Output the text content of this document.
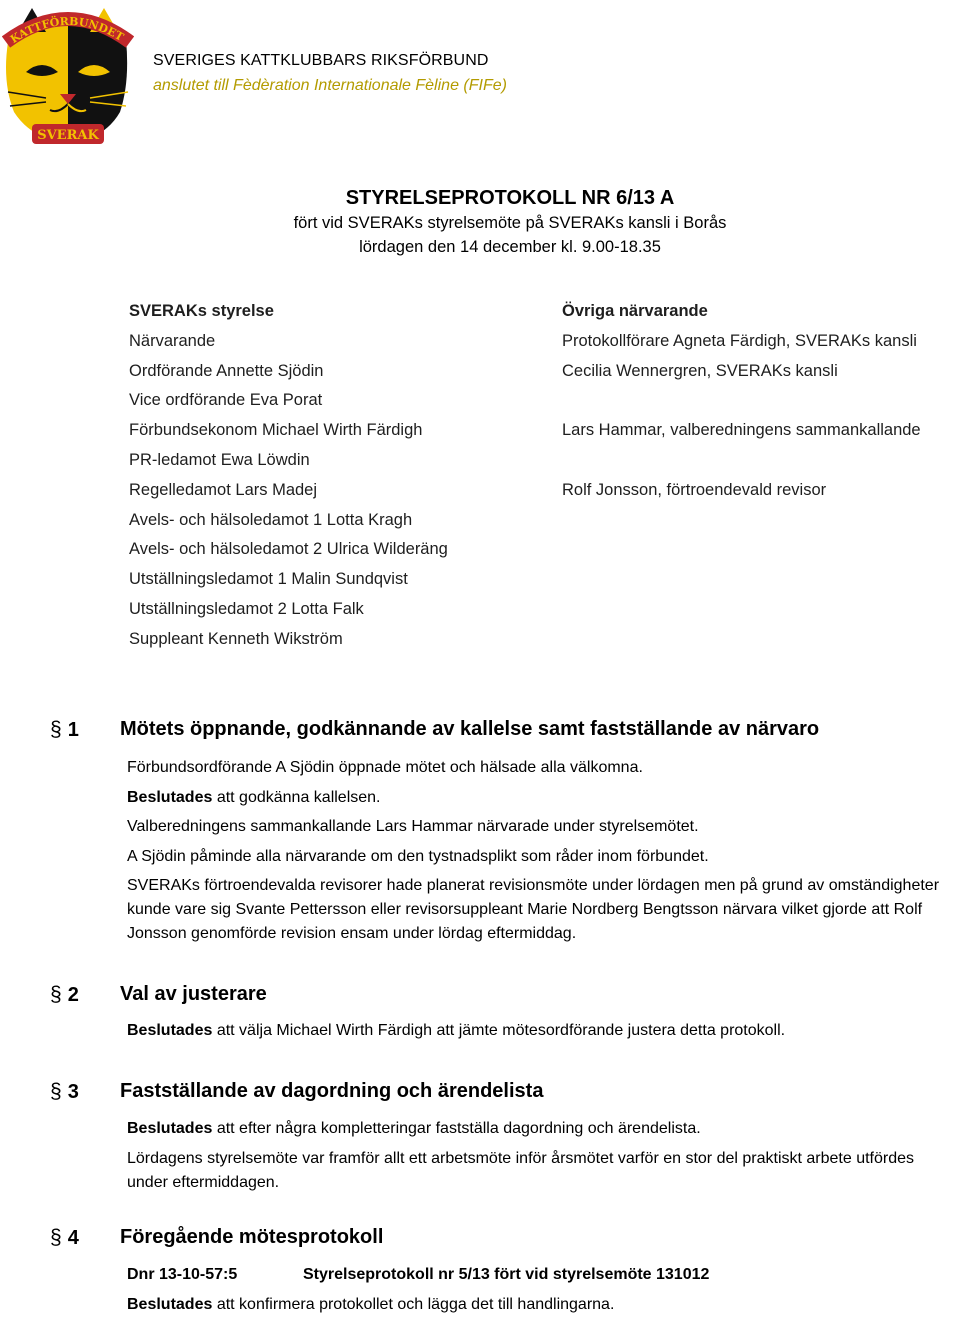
KATTFÖRBUNDET
SVERAK
SVERIGES KATTKLUBBARS RIKSFÖRBUND
anslutet till Fèdèration Internationale Fèline (FIFe)
STYRELSEPROTOKOLL NR 6/13 A
fört vid SVERAKs styrelsemöte på SVERAKs kansli i Borås
lördagen den 14 december kl. 9.00-18.35
SVERAKs styrelse
Närvarande
Ordförande Annette Sjödin
Vice ordförande Eva Porat
Förbundsekonom Michael Wirth Färdigh
PR-ledamot Ewa Löwdin
Regelledamot Lars Madej
Avels- och hälsoledamot 1 Lotta Kragh
Avels- och hälsoledamot 2 Ulrica Wilderäng
Utställningsledamot 1 Malin Sundqvist
Utställningsledamot 2 Lotta Falk
Suppleant Kenneth Wikström
Övriga närvarande
Protokollförare Agneta Färdigh, SVERAKs kansli
Cecilia Wennergren, SVERAKs kansli
Lars Hammar, valberedningens sammankallande
Rolf Jonsson, förtroendevald revisor
§ 1 Mötets öppnande, godkännande av kallelse samt fastställande av närvaro

Förbundsordförande A Sjödin öppnade mötet och hälsade alla välkomna.

Beslutades att godkänna kallelsen.

Valberedningens sammankallande Lars Hammar närvarade under styrelsemötet.

A Sjödin påminde alla närvarande om den tystnadsplikt som råder inom förbundet.

SVERAKs förtroendevalda revisorer hade planerat revisionsmöte under lördagen men på grund av omständigheter kunde vare sig Svante Pettersson eller revisorsuppleant Marie Nordberg Bengtsson närvara vilket gjorde att Rolf Jonsson genomförde revision ensam under lördag eftermiddag.

§ 2 Val av justerare

Beslutades att välja Michael Wirth Färdigh att jämte mötesordförande justera detta protokoll.

§ 3 Fastställande av dagordning och ärendelista

Beslutades att efter några kompletteringar fastställa dagordning och ärendelista.

Lördagens styrelsemöte var framför allt ett arbetsmöte inför årsmötet varför en stor del praktiskt arbete utfördes under eftermiddagen.

§ 4 Föregående mötesprotokoll

Dnr 13-10-57:5	Styrelseprotokoll nr 5/13 fört vid styrelsemöte 131012

Beslutades att konfirmera protokollet och lägga det till handlingarna.
